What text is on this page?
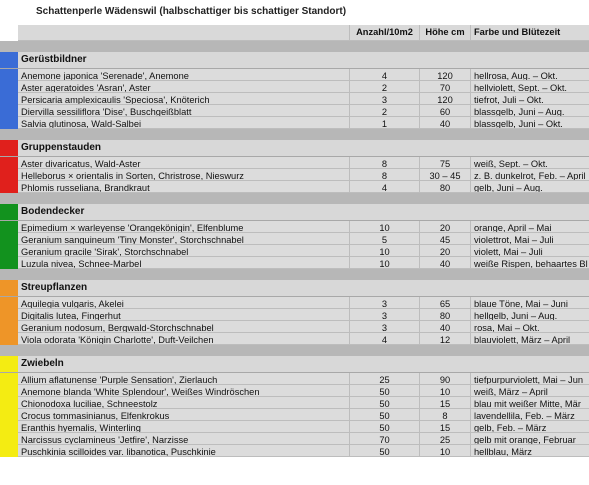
Schattenperle Wädenswil (halbschattiger bis schattiger Standort)
Anzahl/10m2	Höhe cm	Farbe und Blütezeit
Gerüstbildner
Anemone japonica 'Serenade', Anemone	4	120	hellrosa, Aug. – Okt.
Aster ageratoides 'Asran', Aster	2	70	hellviolett, Sept. – Okt.
Persicaria amplexicaulis 'Speciosa', Knöterich	3	120	tiefrot, Juli – Okt.
Diervilla sessiliflora 'Dise', Buschgeißblatt	2	60	blassgelb, Juni – Aug.
Salvia glutinosa, Wald-Salbei	1	40	blassgelb, Juni – Okt.
Gruppenstauden
Aster divaricatus, Wald-Aster	8	75	weiß, Sept. – Okt.
Helleborus × orientalis in Sorten, Christrose, Nieswurz	8	30 – 45	z. B. dunkelrot, Feb. – April
Phlomis russeliana, Brandkraut	4	80	gelb, Juni – Aug.
Bodendecker
Epimedium × warleyense 'Orangekönigin', Elfenblume	10	20	orange, April – Mai
Geranium sanguineum 'Tiny Monster', Storchschnabel	5	45	violettrot, Mai – Juli
Geranium gracile 'Sirak', Storchschnabel	10	20	violett, Mai – Juli
Luzula nivea, Schnee-Marbel	10	40	weiße Rispen, behaartes Bl
Streupflanzen
Aquilegia vulgaris, Akelei	3	65	blaue Töne, Mai – Juni
Digitalis lutea, Fingerhut	3	80	hellgelb, Juni – Aug.
Geranium nodosum, Bergwald-Storchschnabel	3	40	rosa, Mai – Okt.
Viola odorata 'Königin Charlotte', Duft-Veilchen	4	12	blauviolett, März – April
Zwiebeln
Allium aflatunense 'Purple Sensation', Zierlauch	25	90	tiefpurpurviolett, Mai – Jun
Anemone blanda 'White Splendour', Weißes Windröschen	50	10	weiß, März – April
Chionodoxa luciliae, Schneestolz	50	15	blau mit weißer Mitte, Mär
Crocus tommasinianus, Elfenkrokus	50	8	lavendellila, Feb. – März
Eranthis hyemalis, Winterling	50	15	gelb, Feb. – März
Narcissus cyclamineus 'Jetfire', Narzisse	70	25	gelb mit orange, Februar
Puschkinia scilloides var. libanotica, Puschkinie	50	10	hellblau, März
